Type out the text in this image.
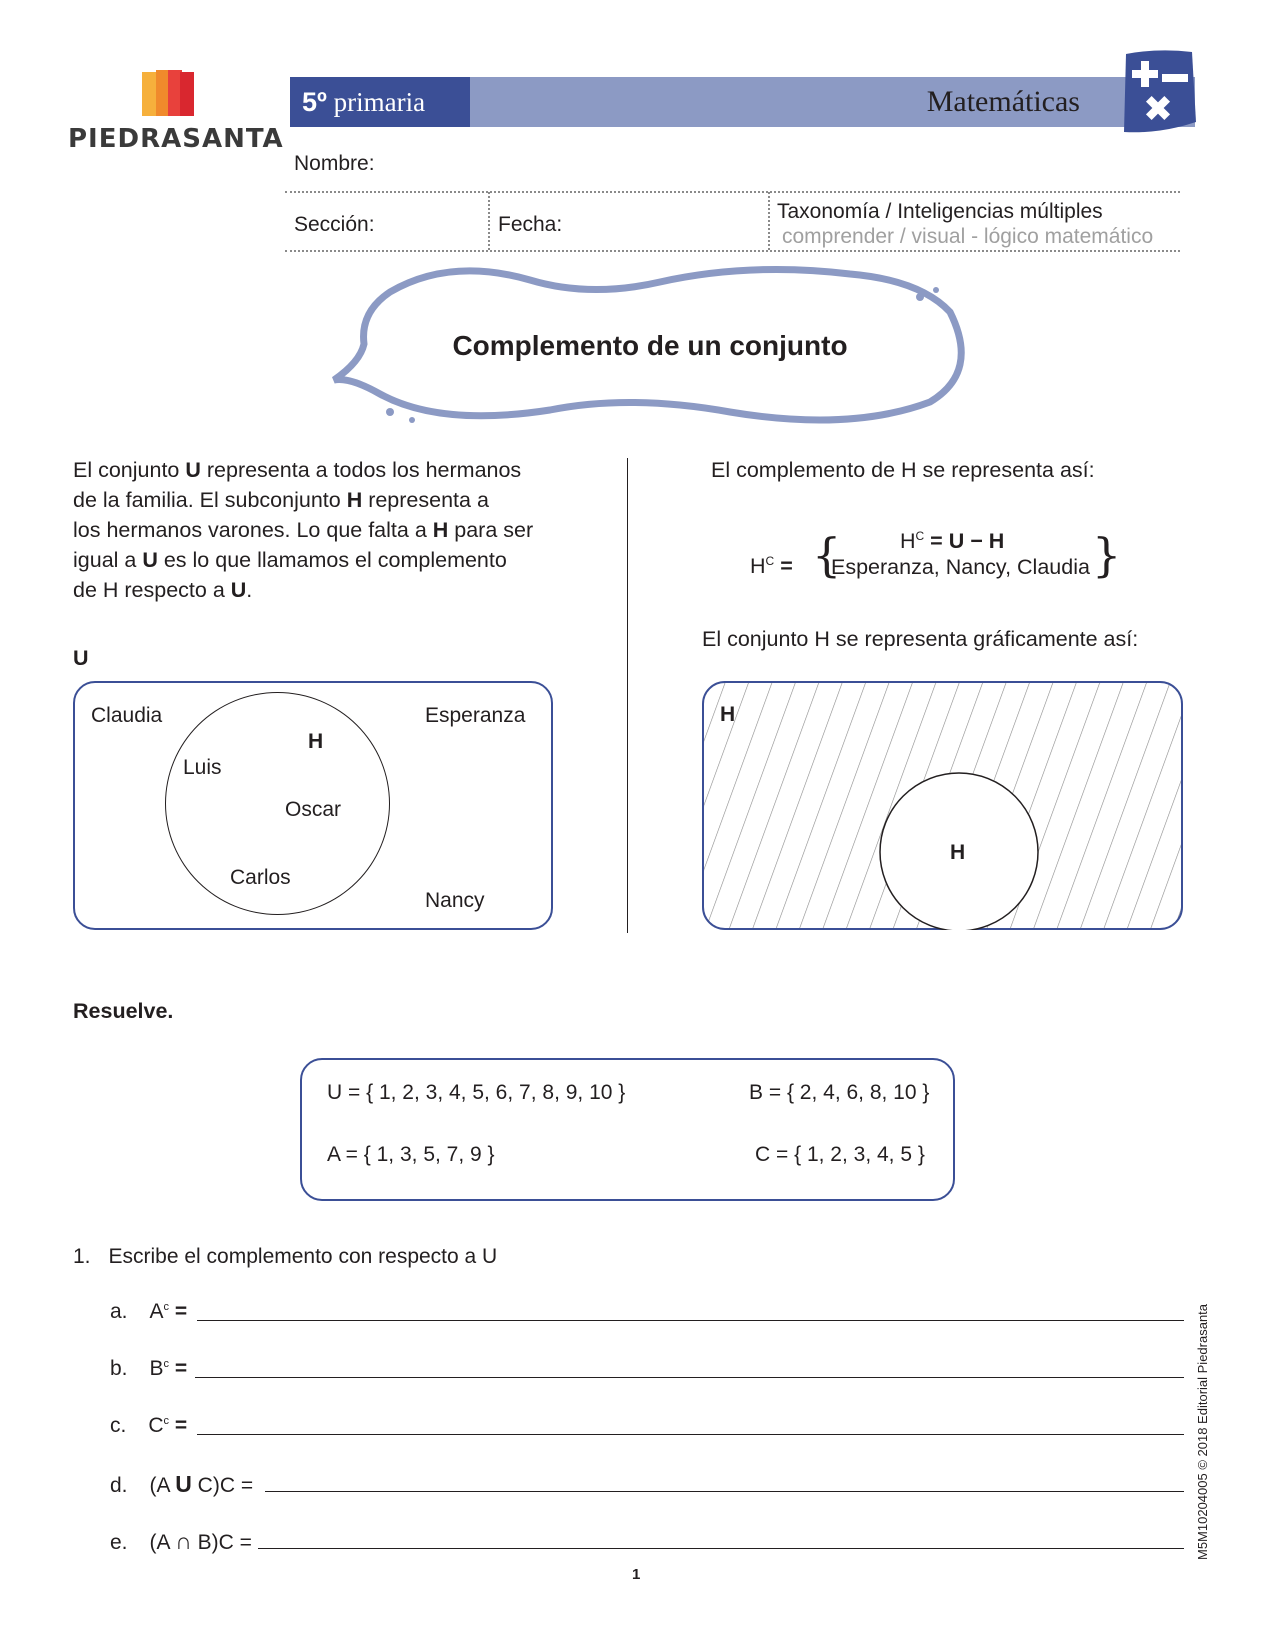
PIEDRASANTA
5º primaria	Matemáticas
Nombre:
Sección:	Fecha:
Taxonomía / Inteligencias múltiples
comprender / visual - lógico matemático
Complemento de un conjunto
El conjunto U representa a todos los hermanos
de la familia. El subconjunto H representa a
los hermanos varones. Lo que falta a H para ser
igual a U es lo que llamamos el complemento
de H respecto a U.
U
Claudia	Esperanza
Nancy
H
Luis
Oscar
Carlos
El complemento de H se representa así:
$H^C$ = {	$H^C = U - H$
Esperanza, Nancy, Claudia }
El conjunto H se representa gráficamente así:
H
H
Resuelve.
U = { 1, 2, 3, 4, 5, 6, 7, 8, 9, 10 }	B = { 2, 4, 6, 8, 10 }
A = { 1, 3, 5, 7, 9 }	C = { 1, 2, 3, 4, 5 }
1. Escribe el complemento con respecto a U
a. $A^c$ =
b. $B^c$ =
c. $C^c$ =
d. (A U C)C =
e. (A ∩ B)C =
1
M5M10204005 © 2018 Editorial Piedrasanta
